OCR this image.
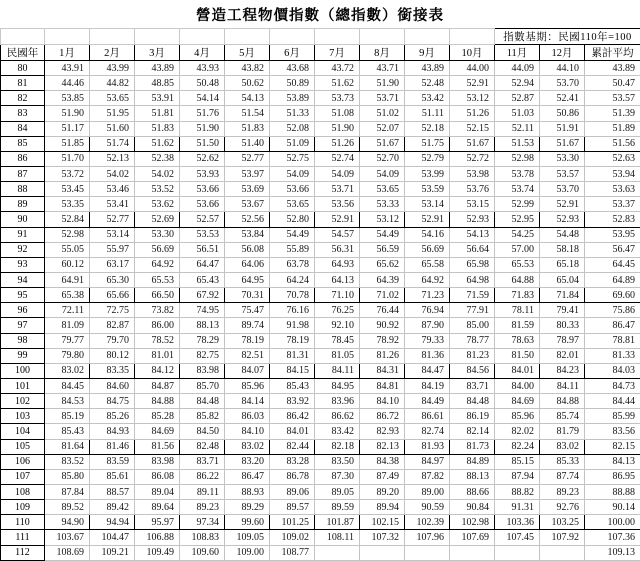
營造工程物價指數（總指數）銜接表
											指數基期：民國110年=100		
民國年	1月	2月	3月	4月	5月	6月	7月	8月	9月	10月	11月	12月	累計平均
80	43.91	43.99	43.89	43.93	43.82	43.68	43.72	43.71	43.89	44.00	44.09	44.10	43.89
81	44.46	44.82	48.85	50.48	50.62	50.89	51.62	51.90	52.48	52.91	52.94	53.70	50.47
82	53.85	53.65	53.91	54.14	54.13	53.89	53.73	53.71	53.42	53.12	52.87	52.41	53.57
83	51.90	51.95	51.81	51.76	51.54	51.33	51.08	51.02	51.11	51.26	51.03	50.86	51.39
84	51.17	51.60	51.83	51.90	51.83	52.08	51.90	52.07	52.18	52.15	52.11	51.91	51.89
85	51.85	51.74	51.62	51.50	51.40	51.09	51.26	51.67	51.75	51.67	51.53	51.67	51.56
86	51.70	52.13	52.38	52.62	52.77	52.75	52.74	52.70	52.79	52.72	52.98	53.30	52.63
87	53.72	54.02	54.02	53.93	53.97	54.09	54.09	54.09	53.99	53.98	53.78	53.57	53.94
88	53.45	53.46	53.52	53.66	53.69	53.66	53.71	53.65	53.59	53.76	53.74	53.70	53.63
89	53.35	53.41	53.62	53.66	53.67	53.65	53.56	53.33	53.14	53.15	52.99	52.91	53.37
90	52.84	52.77	52.69	52.57	52.56	52.80	52.91	53.12	52.91	52.93	52.95	52.93	52.83
91	52.98	53.14	53.30	53.53	53.84	54.49	54.57	54.49	54.16	54.13	54.25	54.48	53.95
92	55.05	55.97	56.69	56.51	56.08	55.89	56.31	56.59	56.69	56.64	57.00	58.18	56.47
93	60.12	63.17	64.92	64.47	64.06	63.78	64.93	65.62	65.58	65.98	65.53	65.18	64.45
94	64.91	65.30	65.53	65.43	64.95	64.24	64.13	64.39	64.92	64.98	64.88	65.04	64.89
95	65.38	65.66	66.50	67.92	70.31	70.78	71.10	71.02	71.23	71.59	71.83	71.84	69.60
96	72.11	72.75	73.82	74.95	75.47	76.16	76.25	76.44	76.94	77.91	78.11	79.41	75.86
97	81.09	82.87	86.00	88.13	89.74	91.98	92.10	90.92	87.90	85.00	81.59	80.33	86.47
98	79.77	79.70	78.52	78.29	78.19	78.19	78.45	78.92	79.33	78.77	78.63	78.97	78.81
99	79.80	80.12	81.01	82.75	82.51	81.31	81.05	81.26	81.36	81.23	81.50	82.01	81.33
100	83.02	83.35	84.12	83.98	84.07	84.15	84.11	84.31	84.47	84.56	84.01	84.23	84.03
101	84.45	84.60	84.87	85.70	85.96	85.43	84.95	84.81	84.19	83.71	84.00	84.11	84.73
102	84.53	84.75	84.88	84.48	84.14	83.92	83.96	84.10	84.49	84.48	84.69	84.88	84.44
103	85.19	85.26	85.28	85.82	86.03	86.42	86.62	86.72	86.61	86.19	85.96	85.74	85.99
104	85.43	84.93	84.69	84.50	84.10	84.01	83.42	82.93	82.74	82.14	82.02	81.79	83.56
105	81.64	81.46	81.56	82.48	83.02	82.44	82.18	82.13	81.93	81.73	82.24	83.02	82.15
106	83.52	83.59	83.98	83.71	83.20	83.28	83.50	84.38	84.97	84.89	85.15	85.33	84.13
107	85.80	85.61	86.08	86.22	86.47	86.78	87.30	87.49	87.82	88.13	87.94	87.74	86.95
108	87.84	88.57	89.04	89.11	88.93	89.06	89.05	89.20	89.00	88.66	88.82	89.23	88.88
109	89.52	89.42	89.64	89.23	89.29	89.57	89.59	89.94	90.59	90.84	91.31	92.76	90.14
110	94.90	94.94	95.97	97.34	99.60	101.25	101.87	102.15	102.39	102.98	103.36	103.25	100.00
111	103.67	104.47	106.88	108.83	109.05	109.02	108.11	107.32	107.96	107.69	107.45	107.92	107.36
112	108.69	109.21	109.49	109.60	109.00	108.77							109.13
